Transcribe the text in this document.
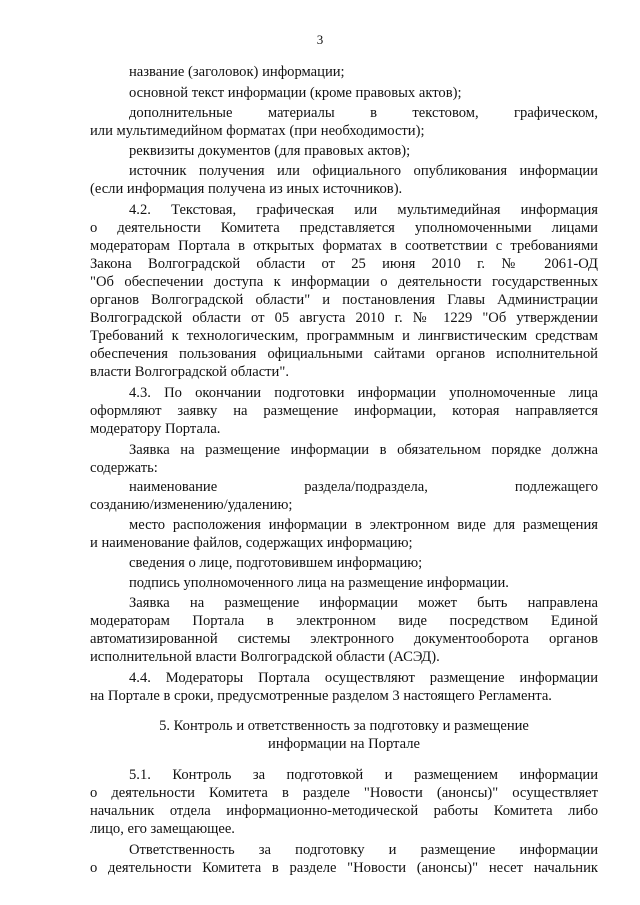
3
название (заголовок) информации;
основной текст информации (кроме правовых актов);
дополнительные материалы в текстовом, графическом,
или мультимедийном форматах (при необходимости);
реквизиты документов (для правовых актов);
источник получения или официального опубликования информации
(если информация получена из иных источников).
4.2. Текстовая, графическая или мультимедийная информация
о деятельности Комитета представляется уполномоченными лицами
модераторам Портала в открытых форматах в соответствии с требованиями
Закона Волгоградской области от 25 июня 2010 г. № 2061-ОД
"Об обеспечении доступа к информации о деятельности государственных
органов Волгоградской области" и постановления Главы Администрации
Волгоградской области от 05 августа 2010 г. № 1229 "Об утверждении
Требований к технологическим, программным и лингвистическим средствам
обеспечения пользования официальными сайтами органов исполнительной
власти Волгоградской области".
4.3. По окончании подготовки информации уполномоченные лица
оформляют заявку на размещение информации, которая направляется
модератору Портала.
Заявка на размещение информации в обязательном порядке должна
содержать:
наименование раздела/подраздела, подлежащего
созданию/изменению/удалению;
место расположения информации в электронном виде для размещения
и наименование файлов, содержащих информацию;
сведения о лице, подготовившем информацию;
подпись уполномоченного лица на размещение информации.
Заявка на размещение информации может быть направлена
модераторам Портала в электронном виде посредством Единой
автоматизированной системы электронного документооборота органов
исполнительной власти Волгоградской области (АСЭД).
4.4. Модераторы Портала осуществляют размещение информации
на Портале в сроки, предусмотренные разделом 3 настоящего Регламента.
5. Контроль и ответственность за подготовку и размещение
информации на Портале
5.1. Контроль за подготовкой и размещением информации
о деятельности Комитета в разделе "Новости (анонсы)" осуществляет
начальник отдела информационно-методической работы Комитета либо
лицо, его замещающее.
Ответственность за подготовку и размещение информации
о деятельности Комитета в разделе "Новости (анонсы)" несет начальник
